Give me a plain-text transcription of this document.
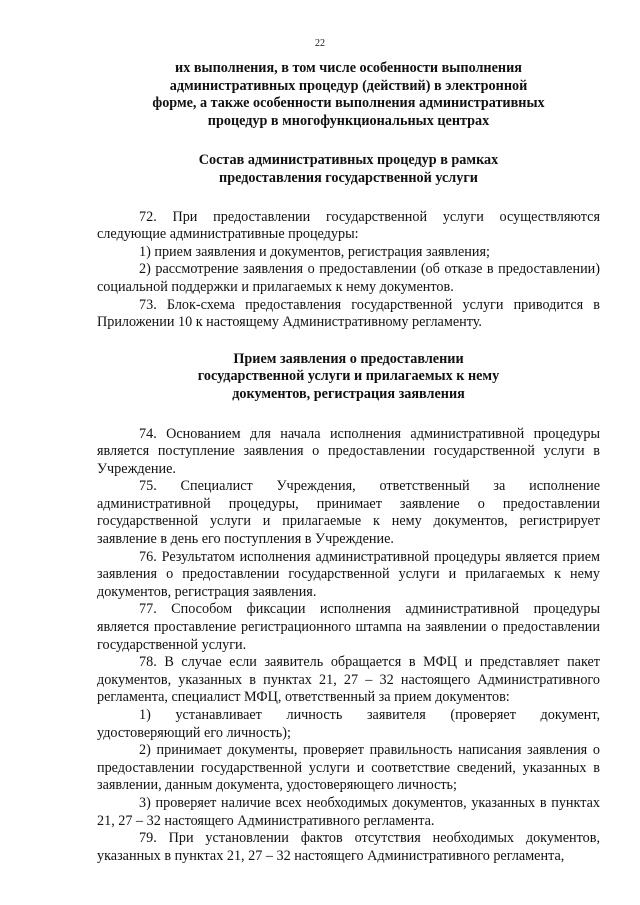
22
их выполнения, в том числе особенности выполнения
административных процедур (действий) в электронной
форме, а также особенности выполнения административных
процедур в многофункциональных центрах
Состав административных процедур в рамках
предоставления государственной услуги

72. При предоставлении государственной услуги осуществляются следующие административные процедуры:

1) прием заявления и документов, регистрация заявления;

2) рассмотрение заявления о предоставлении (об отказе в предоставлении) социальной поддержки и прилагаемых к нему документов.

73. Блок-схема предоставления государственной услуги приводится в Приложении 10 к настоящему Административному регламенту.

Прием заявления о предоставлении
государственной услуги и прилагаемых к нему
документов, регистрация заявления

74. Основанием для начала исполнения административной процедуры является поступление заявления о предоставлении государственной услуги в Учреждение.

75. Специалист Учреждения, ответственный за исполнение административной процедуры, принимает заявление о предоставлении государственной услуги и прилагаемые к нему документов, регистрирует заявление в день его поступления в Учреждение.

76. Результатом исполнения административной процедуры является прием заявления о предоставлении государственной услуги и прилагаемых к нему документов, регистрация заявления.

77. Способом фиксации исполнения административной процедуры является проставление регистрационного штампа на заявлении о предоставлении государственной услуги.

78. В случае если заявитель обращается в МФЦ и представляет пакет документов, указанных в пунктах 21, 27 – 32 настоящего Административного регламента, специалист МФЦ, ответственный за прием документов:

1) устанавливает личность заявителя (проверяет документ, удостоверяющий его личность);

2) принимает документы, проверяет правильность написания заявления о предоставлении государственной услуги и соответствие сведений, указанных в заявлении, данным документа, удостоверяющего личность;

3) проверяет наличие всех необходимых документов, указанных в пунктах 21, 27 – 32 настоящего Административного регламента.

79. При установлении фактов отсутствия необходимых документов, указанных в пунктах 21, 27 – 32 настоящего Административного регламента,
